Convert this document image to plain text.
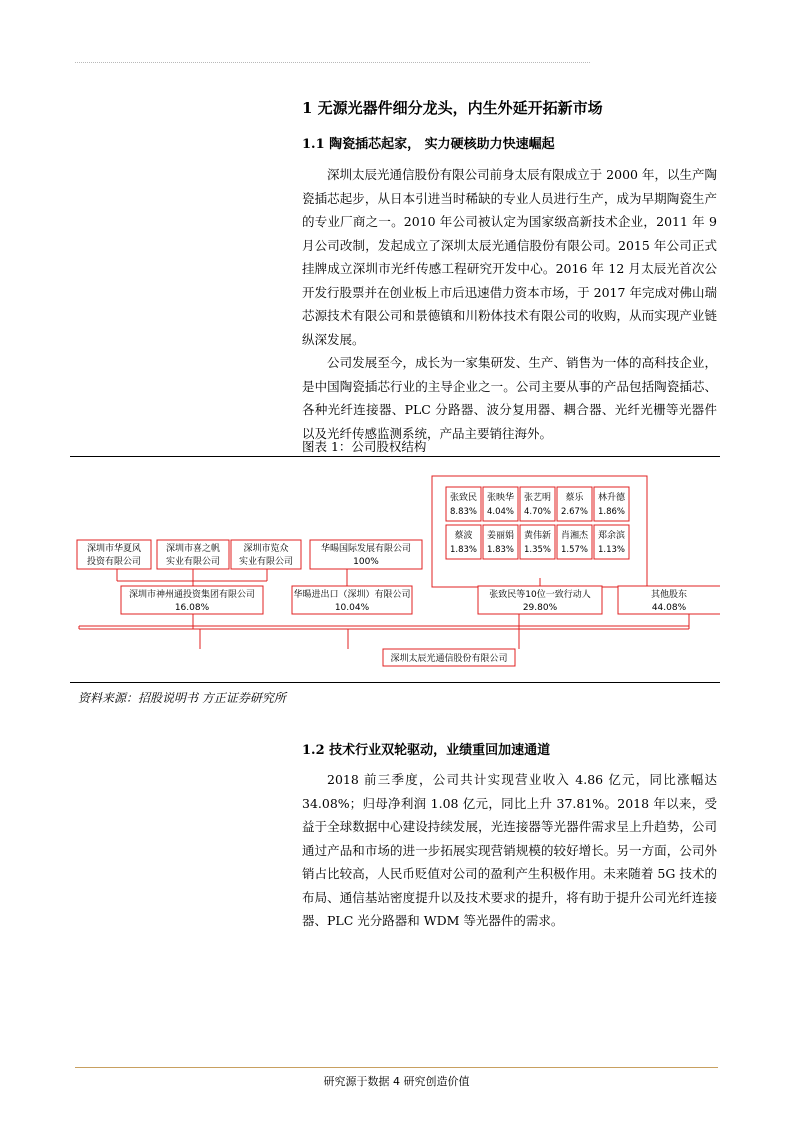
1 无源光器件细分龙头，内生外延开拓新市场
1.1 陶瓷插芯起家， 实力硬核助力快速崛起

深圳太辰光通信股份有限公司前身太辰有限成立于 2000 年，以生产陶瓷插芯起步，从日本引进当时稀缺的专业人员进行生产，成为早期陶瓷生产的专业厂商之一。2010 年公司被认定为国家级高新技术企业，2011 年 9 月公司改制，发起成立了深圳太辰光通信股份有限公司。2015 年公司正式挂牌成立深圳市光纤传感工程研究开发中心。2016 年 12 月太辰光首次公开发行股票并在创业板上市后迅速借力资本市场，于 2017 年完成对佛山瑞芯源技术有限公司和景德镇和川粉体技术有限公司的收购，从而实现产业链纵深发展。

公司发展至今，成长为一家集研发、生产、销售为一体的高科技企业，是中国陶瓷插芯行业的主导企业之一。公司主要从事的产品包括陶瓷插芯、各种光纤连接器、PLC 分路器、波分复用器、耦合器、光纤光栅等光器件以及光纤传感监测系统，产品主要销往海外。

图表 1：公司股权结构
张致民
8.83%
张映华
4.04%
张艺明
4.70%
蔡乐
2.67%
林升德
1.86%
蔡波
1.83%
姜丽娟
1.83%
黄伟新
1.35%
肖湘杰
1.57%
郑余滨
1.13%
深圳市华夏风
投资有限公司
深圳市喜之帆
实业有限公司
深圳市览众
实业有限公司
华暘国际发展有限公司
100%
深圳市神州通投资集团有限公司
16.08%
华暘进出口（深圳）有限公司
10.04%
张致民等10位一致行动人
29.80%
其他股东
44.08%
深圳太辰光通信股份有限公司
资料来源：招股说明书 方正证券研究所
1.2 技术行业双轮驱动，业绩重回加速通道

2018 前三季度，公司共计实现营业收入 4.86 亿元，同比涨幅达 34.08%；归母净利润 1.08 亿元，同比上升 37.81%。2018 年以来，受益于全球数据中心建设持续发展，光连接器等光器件需求呈上升趋势，公司通过产品和市场的进一步拓展实现营销规模的较好增长。另一方面，公司外销占比较高，人民币贬值对公司的盈利产生积极作用。未来随着 5G 技术的布局、通信基站密度提升以及技术要求的提升，将有助于提升公司光纤连接器、PLC 光分路器和 WDM 等光器件的需求。

研究源于数据 4 研究创造价值
